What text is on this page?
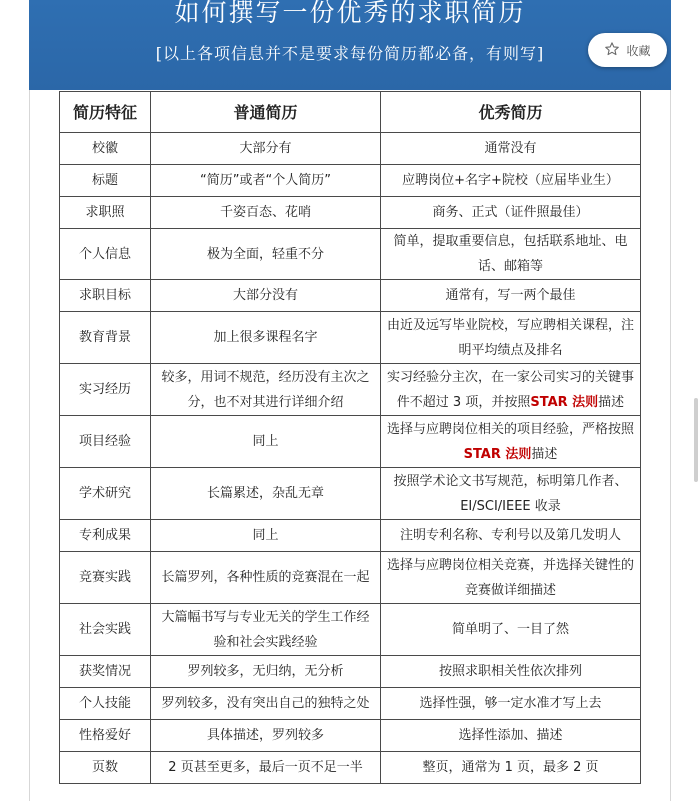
如何撰写一份优秀的求职简历
[以上各项信息并不是要求每份简历都必备，有则写]	收藏
简历特征	普通简历	优秀简历
校徽	大部分有	通常没有
标题	“简历”或者“个人简历”	应聘岗位+名字+院校（应届毕业生）
求职照	千姿百态、花哨	商务、正式（证件照最佳）
个人信息	极为全面，轻重不分	简单，提取重要信息，包括联系地址、电话、邮箱等
求职目标	大部分没有	通常有，写一两个最佳
教育背景	加上很多课程名字	由近及远写毕业院校，写应聘相关课程，注明平均绩点及排名
实习经历	较多，用词不规范，经历没有主次之分，也不对其进行详细介绍	实习经验分主次，在一家公司实习的关键事件不超过 3 项，并按照STAR 法则描述
项目经验	同上	选择与应聘岗位相关的项目经验，严格按照STAR 法则描述
学术研究	长篇累述，杂乱无章	按照学术论文书写规范，标明第几作者、EI/SCI/IEEE 收录
专利成果	同上	注明专利名称、专利号以及第几发明人
竞赛实践	长篇罗列，各种性质的竞赛混在一起	选择与应聘岗位相关竞赛，并选择关键性的竞赛做详细描述
社会实践	大篇幅书写与专业无关的学生工作经验和社会实践经验	简单明了、一目了然
获奖情况	罗列较多，无归纳，无分析	按照求职相关性依次排列
个人技能	罗列较多，没有突出自己的独特之处	选择性强，够一定水准才写上去
性格爱好	具体描述，罗列较多	选择性添加、描述
页数	2 页甚至更多，最后一页不足一半	整页，通常为 1 页，最多 2 页
